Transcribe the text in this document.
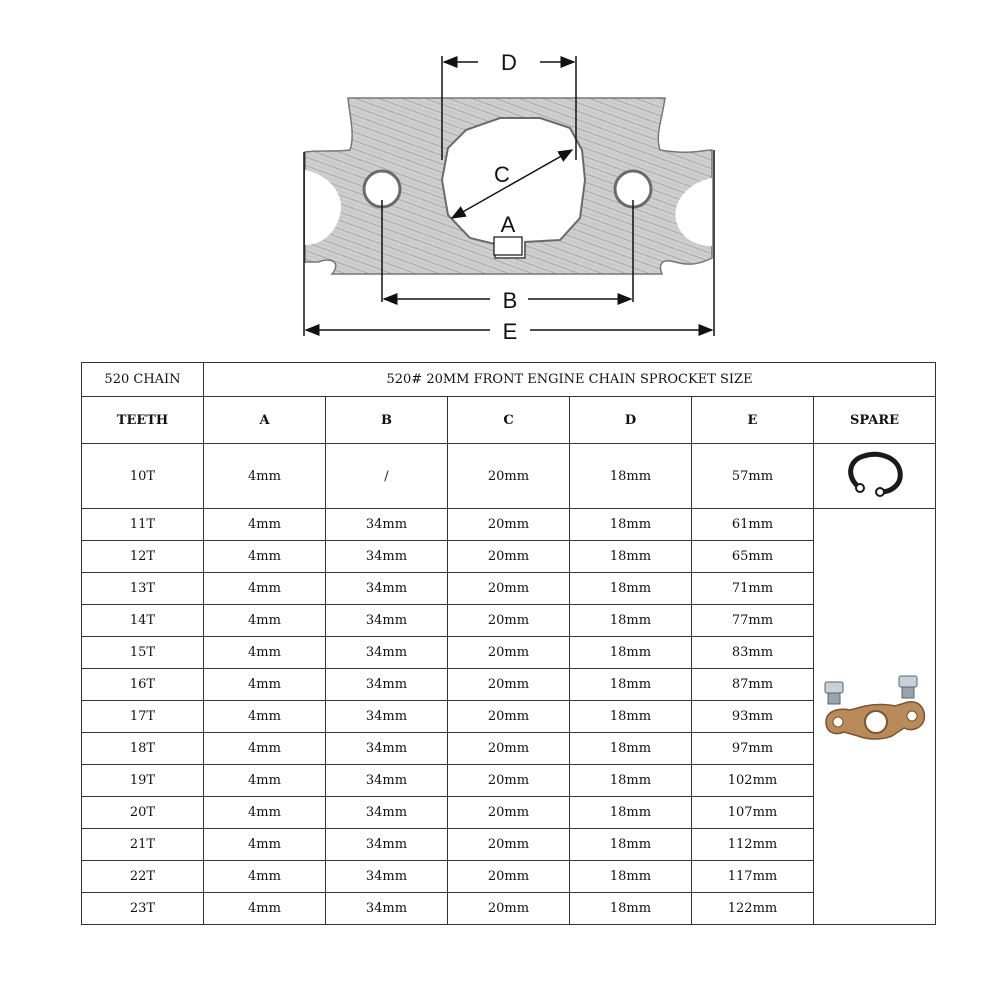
D
C
A
B
E
520 CHAIN	520# 20MM FRONT ENGINE CHAIN SPROCKET SIZE					
TEETH	A	B	C	D	E	SPARE
10T	4mm	/	20mm	18mm	57mm	
11T	4mm	34mm	20mm	18mm	61mm	
12T	4mm	34mm	20mm	18mm	65mm	
13T	4mm	34mm	20mm	18mm	71mm	
14T	4mm	34mm	20mm	18mm	77mm	
15T	4mm	34mm	20mm	18mm	83mm	
16T	4mm	34mm	20mm	18mm	87mm	
17T	4mm	34mm	20mm	18mm	93mm	
18T	4mm	34mm	20mm	18mm	97mm	
19T	4mm	34mm	20mm	18mm	102mm	
20T	4mm	34mm	20mm	18mm	107mm	
21T	4mm	34mm	20mm	18mm	112mm	
22T	4mm	34mm	20mm	18mm	117mm	
23T	4mm	34mm	20mm	18mm	122mm	
